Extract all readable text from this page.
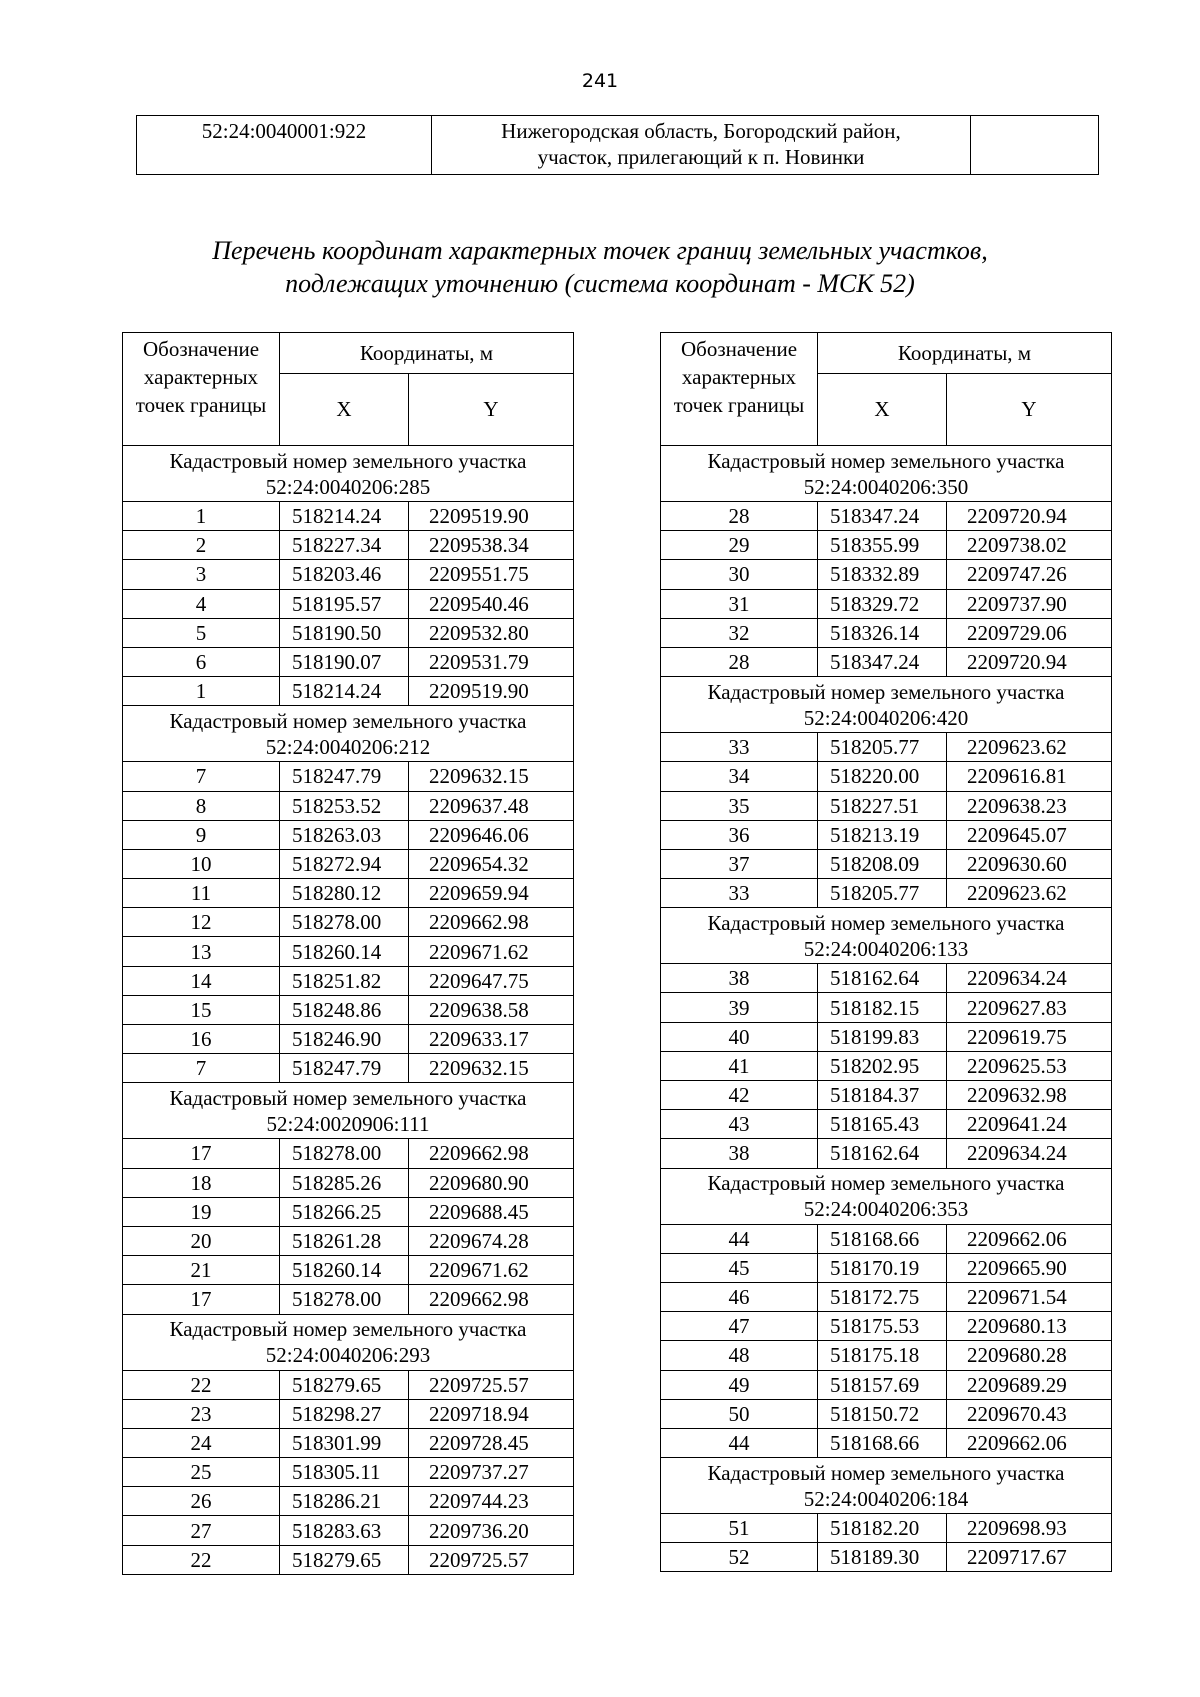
241
52:24:0040001:922	Нижегородская область, Богородский район,
участок, прилегающий к п. Новинки

Перечень координат характерных точек границ земельных участков,
подлежащих уточнению (система координат - МСК 52)
Обозначение характерных точек границы	Координаты, м	
	X	Y

Кадастровый номер земельного участка
52:24:0040206:285		

1	518214.24	2209519.90
2	518227.34	2209538.34
3	518203.46	2209551.75
4	518195.57	2209540.46
5	518190.50	2209532.80
6	518190.07	2209531.79
1	518214.24	2209519.90

Кадастровый номер земельного участка
52:24:0040206:212		

7	518247.79	2209632.15
8	518253.52	2209637.48
9	518263.03	2209646.06
10	518272.94	2209654.32
11	518280.12	2209659.94
12	518278.00	2209662.98
13	518260.14	2209671.62
14	518251.82	2209647.75
15	518248.86	2209638.58
16	518246.90	2209633.17
7	518247.79	2209632.15

Кадастровый номер земельного участка
52:24:0020906:111		

17	518278.00	2209662.98
18	518285.26	2209680.90
19	518266.25	2209688.45
20	518261.28	2209674.28
21	518260.14	2209671.62
17	518278.00	2209662.98

Кадастровый номер земельного участка
52:24:0040206:293		

22	518279.65	2209725.57
23	518298.27	2209718.94
24	518301.99	2209728.45
25	518305.11	2209737.27
26	518286.21	2209744.23
27	518283.63	2209736.20
22	518279.65	2209725.57
Обозначение характерных точек границы	Координаты, м	
	X	Y

Кадастровый номер земельного участка
52:24:0040206:350		

28	518347.24	2209720.94
29	518355.99	2209738.02
30	518332.89	2209747.26
31	518329.72	2209737.90
32	518326.14	2209729.06
28	518347.24	2209720.94

Кадастровый номер земельного участка
52:24:0040206:420		

33	518205.77	2209623.62
34	518220.00	2209616.81
35	518227.51	2209638.23
36	518213.19	2209645.07
37	518208.09	2209630.60
33	518205.77	2209623.62

Кадастровый номер земельного участка
52:24:0040206:133		

38	518162.64	2209634.24
39	518182.15	2209627.83
40	518199.83	2209619.75
41	518202.95	2209625.53
42	518184.37	2209632.98
43	518165.43	2209641.24
38	518162.64	2209634.24

Кадастровый номер земельного участка
52:24:0040206:353		

44	518168.66	2209662.06
45	518170.19	2209665.90
46	518172.75	2209671.54
47	518175.53	2209680.13
48	518175.18	2209680.28
49	518157.69	2209689.29
50	518150.72	2209670.43
44	518168.66	2209662.06

Кадастровый номер земельного участка
52:24:0040206:184		

51	518182.20	2209698.93
52	518189.30	2209717.67
